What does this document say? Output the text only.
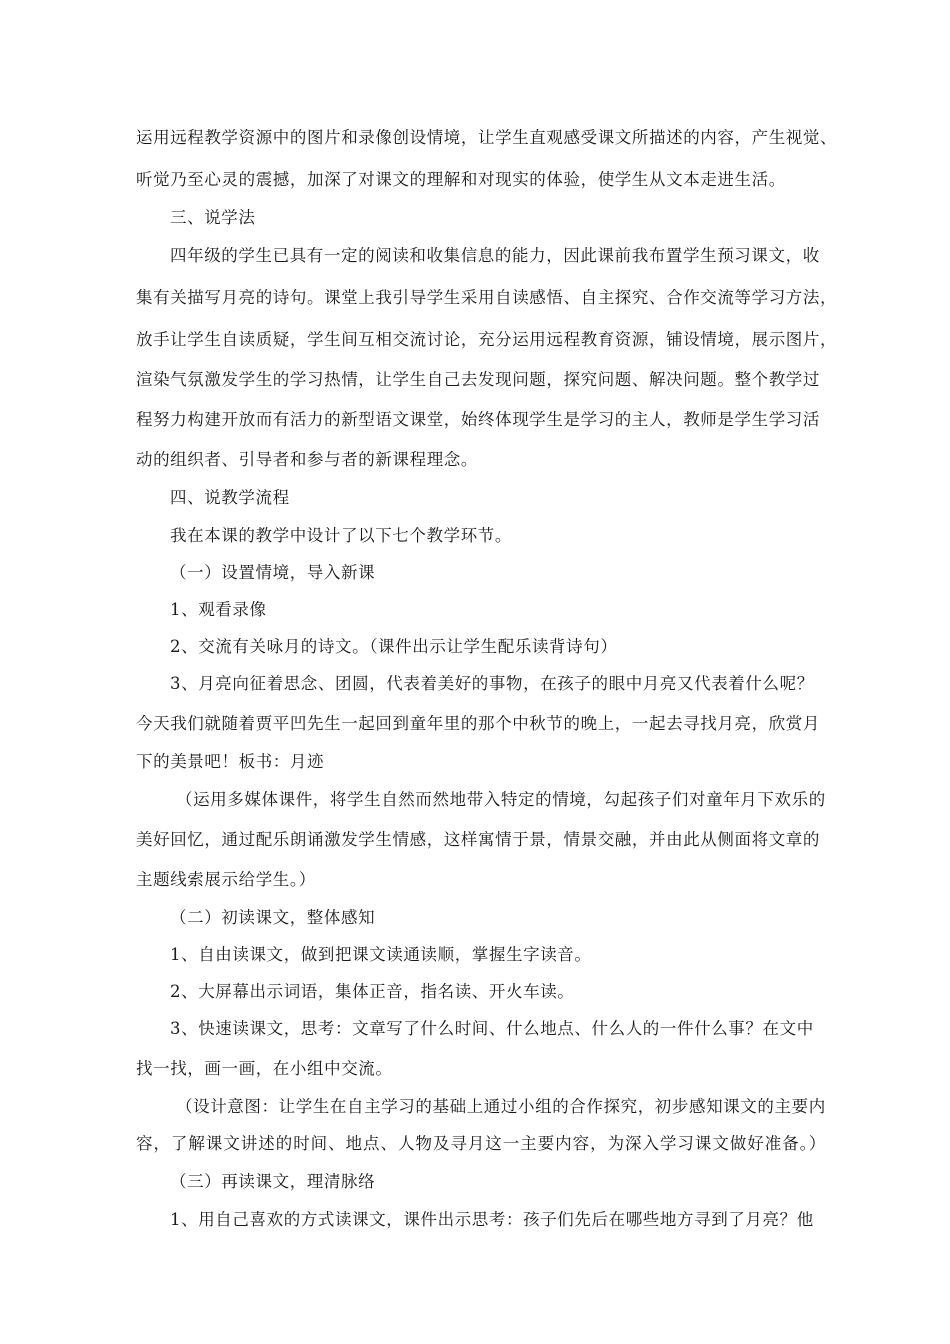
运用远程教学资源中的图片和录像创设情境，让学生直观感受课文所描述的内容，产生视觉、
听觉乃至心灵的震撼，加深了对课文的理解和对现实的体验，使学生从文本走进生活。
三、说学法
四年级的学生已具有一定的阅读和收集信息的能力，因此课前我布置学生预习课文，收
集有关描写月亮的诗句。课堂上我引导学生采用自读感悟、自主探究、合作交流等学习方法，
放手让学生自读质疑，学生间互相交流讨论，充分运用远程教育资源，铺设情境，展示图片，
渲染气氛激发学生的学习热情，让学生自己去发现问题，探究问题、解决问题。整个教学过
程努力构建开放而有活力的新型语文课堂，始终体现学生是学习的主人，教师是学生学习活
动的组织者、引导者和参与者的新课程理念。
四、说教学流程
我在本课的教学中设计了以下七个教学环节。
（一）设置情境，导入新课
1、观看录像
2、交流有关咏月的诗文。（课件出示让学生配乐读背诗句）
3、月亮向征着思念、团圆，代表着美好的事物，在孩子的眼中月亮又代表着什么呢？
今天我们就随着贾平凹先生一起回到童年里的那个中秋节的晚上，一起去寻找月亮，欣赏月
下的美景吧！板书：月迹
（运用多媒体课件，将学生自然而然地带入特定的情境，勾起孩子们对童年月下欢乐的
美好回忆，通过配乐朗诵激发学生情感，这样寓情于景，情景交融，并由此从侧面将文章的
主题线索展示给学生。）
（二）初读课文，整体感知
1、自由读课文，做到把课文读通读顺，掌握生字读音。
2、大屏幕出示词语，集体正音，指名读、开火车读。
3、快速读课文，思考：文章写了什么时间、什么地点、什么人的一件什么事？在文中
找一找，画一画，在小组中交流。
（设计意图：让学生在自主学习的基础上通过小组的合作探究，初步感知课文的主要内
容，了解课文讲述的时间、地点、人物及寻月这一主要内容，为深入学习课文做好准备。）
（三）再读课文，理清脉络
1、用自己喜欢的方式读课文，课件出示思考：孩子们先后在哪些地方寻到了月亮？他
